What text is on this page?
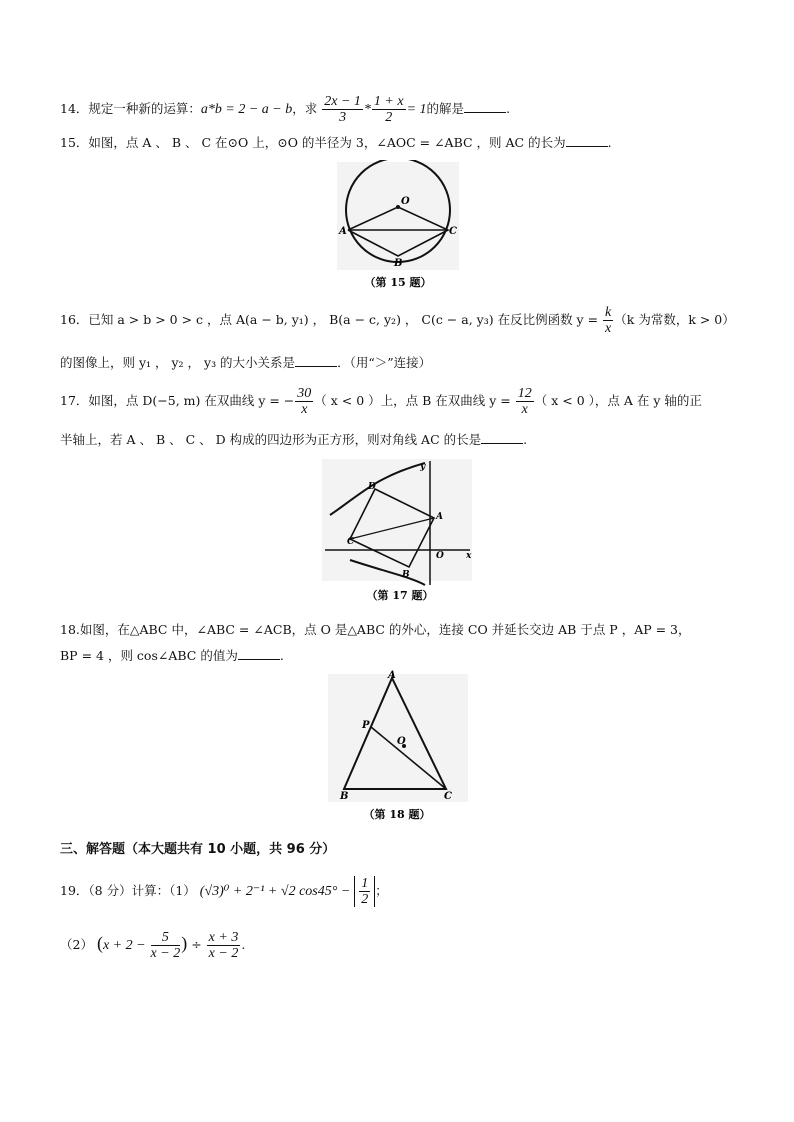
14．规定一种新的运算：a*b = 2 − a − b，求 $\frac{2x - 1}{3} * \frac{1 + x}{2} = 1$的解是	.
15．如图，点 A 、 B 、 C 在⊙O 上，⊙O 的半径为 3，∠AOC = ∠ABC ，则 AC 的长为	.
O
A	C
B
（第 15 题）
16．已知 a > b > 0 > c ，点 A(a − b, y₁) ， B(a − c, y₂) ， C(c − a, y₃) 在反比例函数 $y = \frac{k}{x} (k$ 为常数，k > 0）
的图像上，则 y₁ ， y₂ ， y₃ 的大小关系是	．（用“＞”连接）
17．如图，点 D(−5, m) 在双曲线 y = − $\frac{30}{x}$ （ x < 0 ）上，点 B 在双曲线 $y = \frac{12}{x}$ （ x < 0 ），点 A 在 y 轴的正
半轴上，若 A 、 B 、 C 、 D 构成的四边形为正方形，则对角线 AC 的长是	.
D
A
C
B
O x
y
（第 17 题）
18.如图，在△ABC 中，∠ABC = ∠ACB，点 O 是△ABC 的外心，连接 CO 并延长交边 AB 于点 P ，AP = 3，
BP = 4 ，则 cos∠ABC 的值为	.
A
P
O
B	C
（第 18 题）
三、解答题（本大题共有 10 小题，共 96 分）
19．（8 分）计算：（1） (√3)⁰ + 2⁻¹ + √2 $\cos 45^\circ - \frac{1}{2}$ ；
（2） ($x + 2 - \frac{5}{x - 2}$ ) ÷ $\frac{x + 3}{x - 2}$ .
